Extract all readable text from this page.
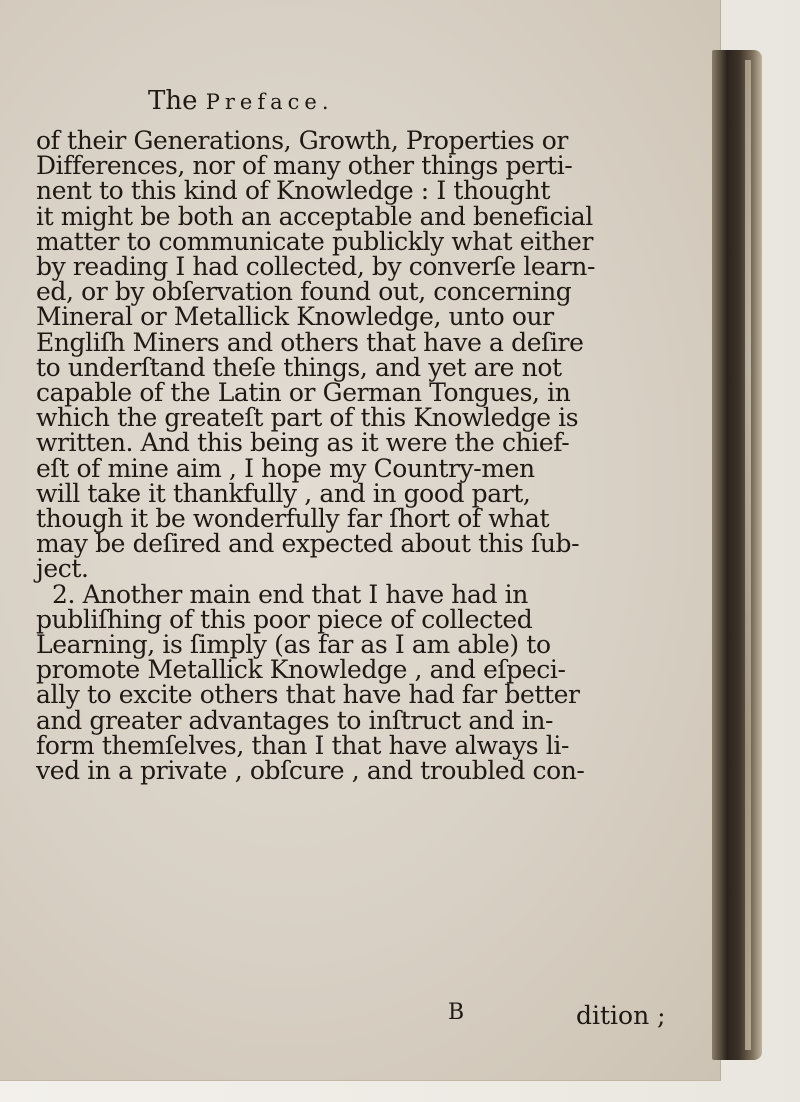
The Preface.
of their Generations, Growth, Properties or
Differences, nor of many other things perti-
nent to this kind of Knowledge : I thought
it might be both an acceptable and beneficial
matter to communicate publickly what either
by reading I had collected, by converſe learn-
ed, or by obſervation found out, concerning
Mineral or Metallick Knowledge, unto our
Engliſh Miners and others that have a deſire
to underſtand theſe things, and yet are not
capable of the Latin or German Tongues, in
which the greateſt part of this Knowledge is
written. And this being as it were the chief-
eſt of mine aim , I hope my Country-men
will take it thankfully , and in good part,
though it be wonderfully far ſhort of what
may be deſired and expected about this ſub-
ject.
2. Another main end that I have had in
publiſhing of this poor piece of collected
Learning, is ſimply (as far as I am able) to
promote Metallick Knowledge , and eſpeci-
ally to excite others that have had far better
and greater advantages to inſtruct and in-
form themſelves, than I that have always li-
ved in a private , obſcure , and troubled con-
B	dition ;
